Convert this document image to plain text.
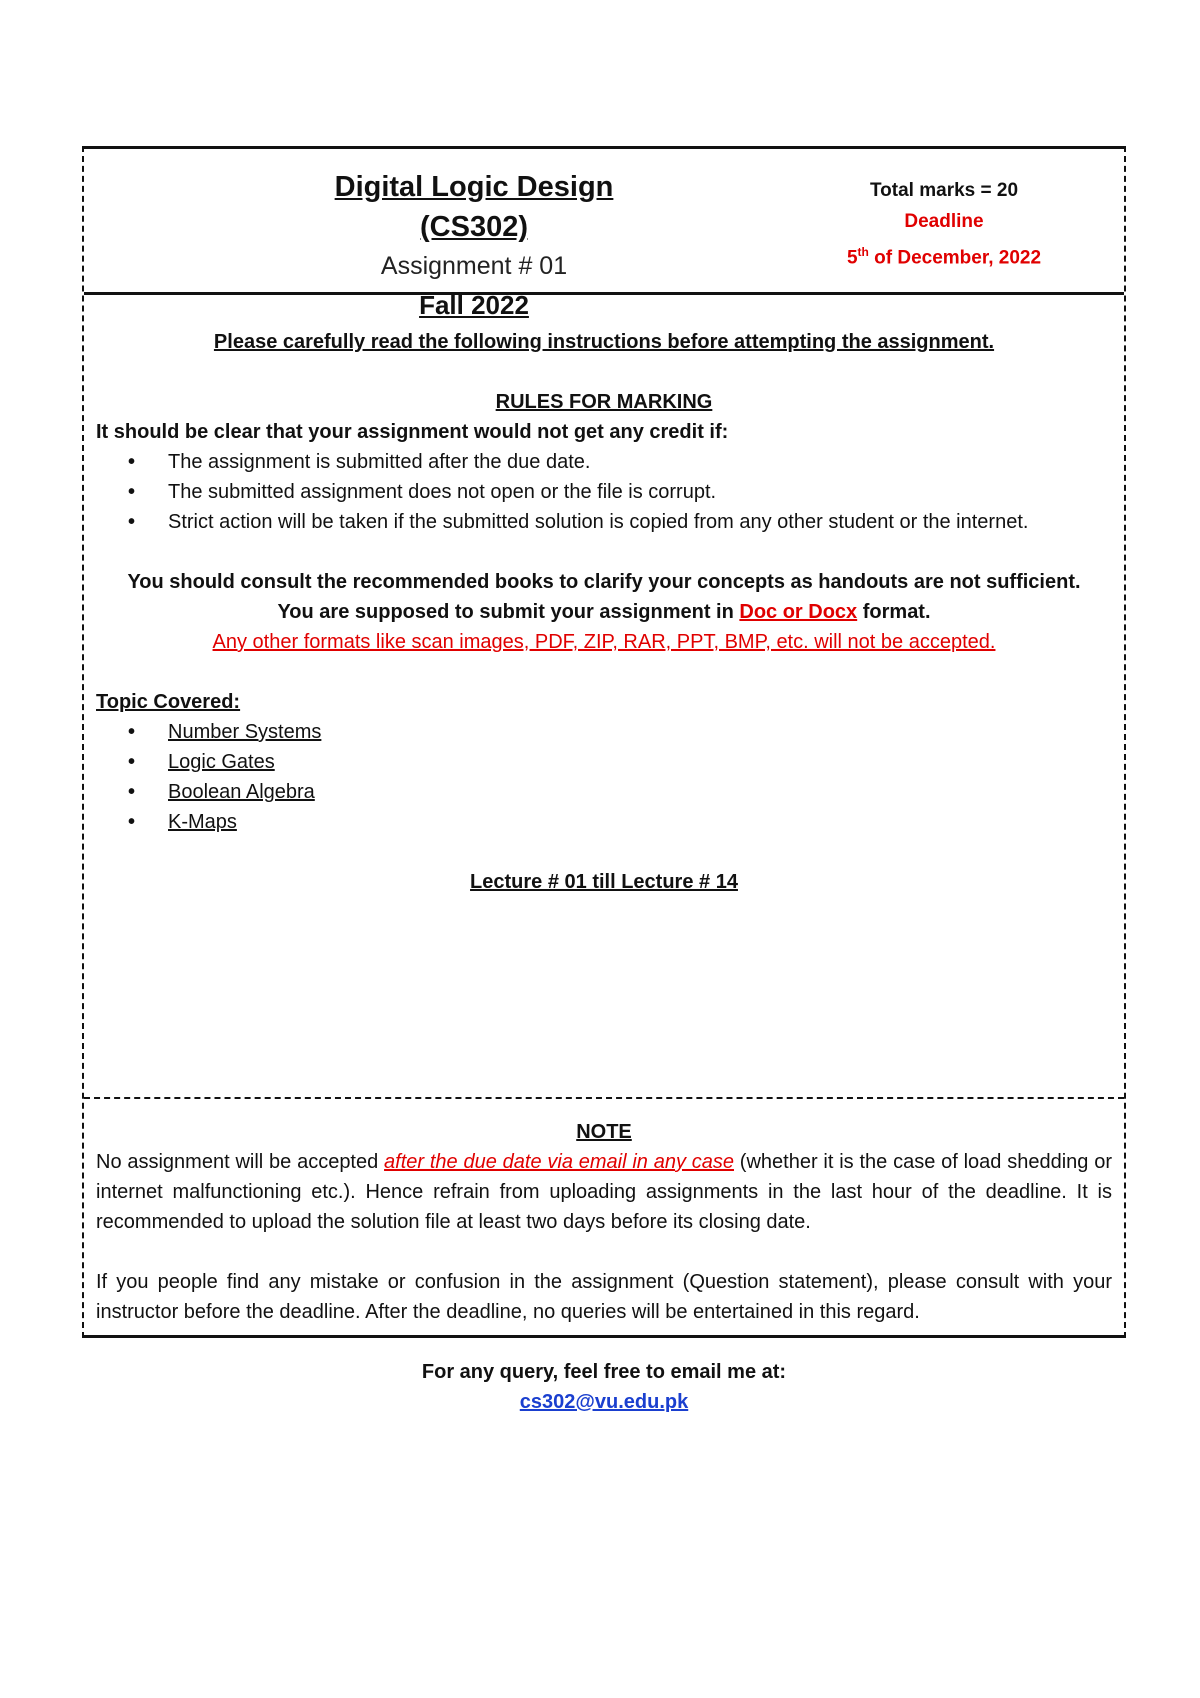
Digital Logic Design (CS302)
Assignment # 01
Fall 2022
Total marks = 20
Deadline
5th of December, 2022

Please carefully read the following instructions before attempting the assignment.

RULES FOR MARKING

It should be clear that your assignment would not get any credit if:

• The assignment is submitted after the due date.
• The submitted assignment does not open or the file is corrupt.
• Strict action will be taken if the submitted solution is copied from any other student or the internet.

You should consult the recommended books to clarify your concepts as handouts are not sufficient.

You are supposed to submit your assignment in Doc or Docx format.

Any other formats like scan images, PDF, ZIP, RAR, PPT, BMP, etc. will not be accepted.

Topic Covered:

• Number Systems
• Logic Gates
• Boolean Algebra
• K-Maps

Lecture # 01 till Lecture # 14

NOTE

No assignment will be accepted after the due date via email in any case (whether it is the case of load shedding or internet malfunctioning etc.). Hence refrain from uploading assignments in the last hour of the deadline. It is recommended to upload the solution file at least two days before its closing date.

If you people find any mistake or confusion in the assignment (Question statement), please consult with your instructor before the deadline. After the deadline, no queries will be entertained in this regard.

For any query, feel free to email me at:

cs302@vu.edu.pk
